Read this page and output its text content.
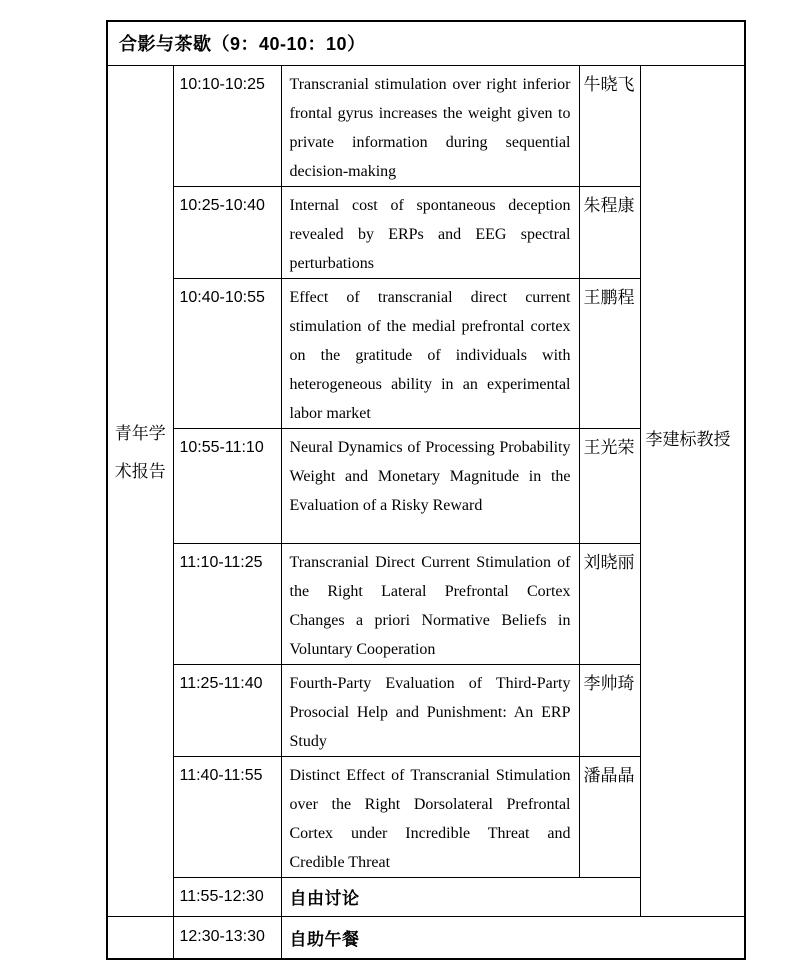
合影与茶歇（9：40-10：10）				
青年学术报告	10:10-10:25	Transcranial stimulation over right inferior frontal gyrus increases the weight given to private information during sequential decision-making	牛晓飞	李建标教授
	10:25-10:40	Internal cost of spontaneous deception revealed by ERPs and EEG spectral perturbations	朱程康	
	10:40-10:55	Effect of transcranial direct current stimulation of the medial prefrontal cortex on the gratitude of individuals with heterogeneous ability in an experimental labor market	王鹏程	
	10:55-11:10	Neural Dynamics of Processing Probability Weight and Monetary Magnitude in the Evaluation of a Risky Reward	王光荣	
	11:10-11:25	Transcranial Direct Current Stimulation of the Right Lateral Prefrontal Cortex Changes a priori Normative Beliefs in Voluntary Cooperation	刘晓丽	
	11:25-11:40	Fourth-Party Evaluation of Third-Party Prosocial Help and Punishment: An ERP Study	李帅琦	
	11:40-11:55	Distinct Effect of Transcranial Stimulation over the Right Dorsolateral Prefrontal Cortex under Incredible Threat and Credible Threat	潘晶晶	
	11:55-12:30	自由讨论		
	12:30-13:30	自助午餐		
